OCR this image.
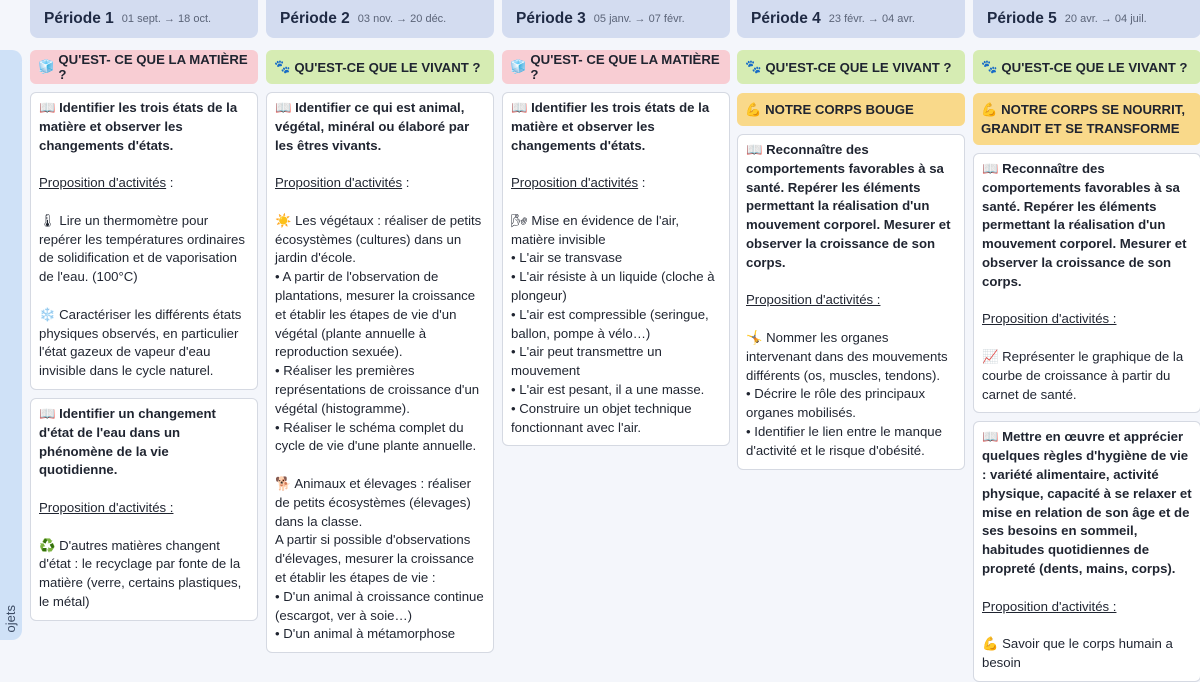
ojets
Période 1 01 sept. → 18 oct.
🧊 QU'EST- CE QUE LA MATIÈRE ?
📖 Identifier les trois états de la matière et observer les changements d'états.
Proposition d'activités :
🌡 Lire un thermomètre pour repérer les températures ordinaires de solidification et de vaporisation de l'eau. (100°C)

❄️ Caractériser les différents états physiques observés, en particulier l'état gazeux de vapeur d'eau invisible dans le cycle naturel.
📖 Identifier un changement d'état de l'eau dans un phénomène de la vie quotidienne.
Proposition d'activités :
♻️ D'autres matières changent d'état : le recyclage par fonte de la matière (verre, certains plastiques, le métal)
Période 2 03 nov. → 20 déc.
🐾 QU'EST-CE QUE LE VIVANT ?
📖 Identifier ce qui est animal, végétal, minéral ou élaboré par les êtres vivants.
Proposition d'activités :
☀️ Les végétaux : réaliser de petits écosystèmes (cultures) dans un jardin d'école.
• A partir de l'observation de plantations, mesurer la croissance et établir les étapes de vie d'un végétal (plante annuelle à reproduction sexuée).
• Réaliser les premières représentations de croissance d'un végétal (histogramme).
• Réaliser le schéma complet du cycle de vie d'une plante annuelle.

🐕 Animaux et élevages : réaliser de petits écosystèmes (élevages) dans la classe.
A partir si possible d'observations d'élevages, mesurer la croissance et établir les étapes de vie :
• D'un animal à croissance continue (escargot, ver à soie…)
• D'un animal à métamorphose
Période 3 05 janv. → 07 févr.
🧊 QU'EST- CE QUE LA MATIÈRE ?
📖 Identifier les trois états de la matière et observer les changements d'états.
Proposition d'activités :
🌬 Mise en évidence de l'air, matière invisible
• L'air se transvase
• L'air résiste à un liquide (cloche à plongeur)
• L'air est compressible (seringue, ballon, pompe à vélo…)
• L'air peut transmettre un mouvement
• L'air est pesant, il a une masse.
• Construire un objet technique fonctionnant avec l'air.
Période 4 23 févr. → 04 avr.
🐾 QU'EST-CE QUE LE VIVANT ?
💪 NOTRE CORPS BOUGE
📖 Reconnaître des comportements favorables à sa santé. Repérer les éléments permettant la réalisation d'un mouvement corporel. Mesurer et observer la croissance de son corps.
Proposition d'activités :
🤸 Nommer les organes intervenant dans des mouvements différents (os, muscles, tendons).
• Décrire le rôle des principaux organes mobilisés.
• Identifier le lien entre le manque d'activité et le risque d'obésité.
Période 5 20 avr. → 04 juil.
🐾 QU'EST-CE QUE LE VIVANT ?
💪 NOTRE CORPS SE NOURRIT, GRANDIT ET SE TRANSFORME
📖 Reconnaître des comportements favorables à sa santé. Repérer les éléments permettant la réalisation d'un mouvement corporel. Mesurer et observer la croissance de son corps.
Proposition d'activités :
📈 Représenter le graphique de la courbe de croissance à partir du carnet de santé.
📖 Mettre en œuvre et apprécier quelques règles d'hygiène de vie : variété alimentaire, activité physique, capacité à se relaxer et mise en relation de son âge et de ses besoins en sommeil, habitudes quotidiennes de propreté (dents, mains, corps).
Proposition d'activités :
💪 Savoir que le corps humain a besoin
